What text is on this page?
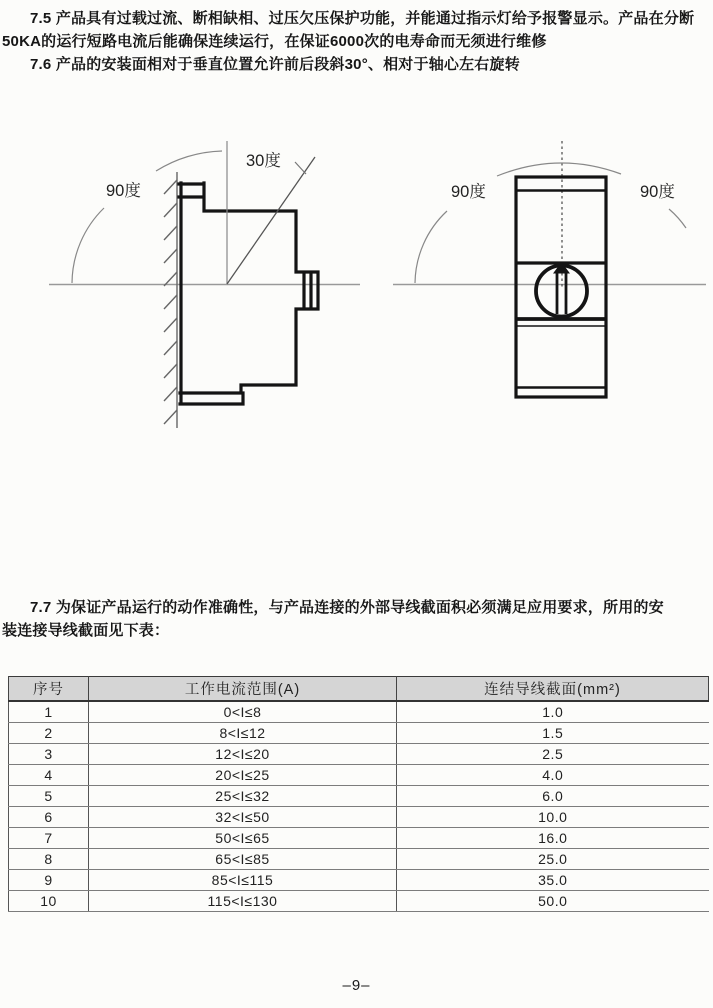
7.5 产品具有过载过流、断相缺相、过压欠压保护功能，并能通过指示灯给予报警显示。产品在分断
50KA的运行短路电流后能确保连续运行，在保证6000次的电寿命而无须进行维修
7.6 产品的安装面相对于垂直位置允许前后段斜30°、相对于轴心左右旋转
90度
30度
90度	90度
7.7 为保证产品运行的动作准确性，与产品连接的外部导线截面积必须满足应用要求，所用的安
装连接导线截面见下表：
序号	工作电流范围(A)	连结导线截面(mm²)
1	0<I≤8	1.0
2	8<I≤12	1.5
3	12<I≤20	2.5
4	20<I≤25	4.0
5	25<I≤32	6.0
6	32<I≤50	10.0
7	50<I≤65	16.0
8	65<I≤85	25.0
9	85<I≤115	35.0
10	115<I≤130	50.0
–9–
